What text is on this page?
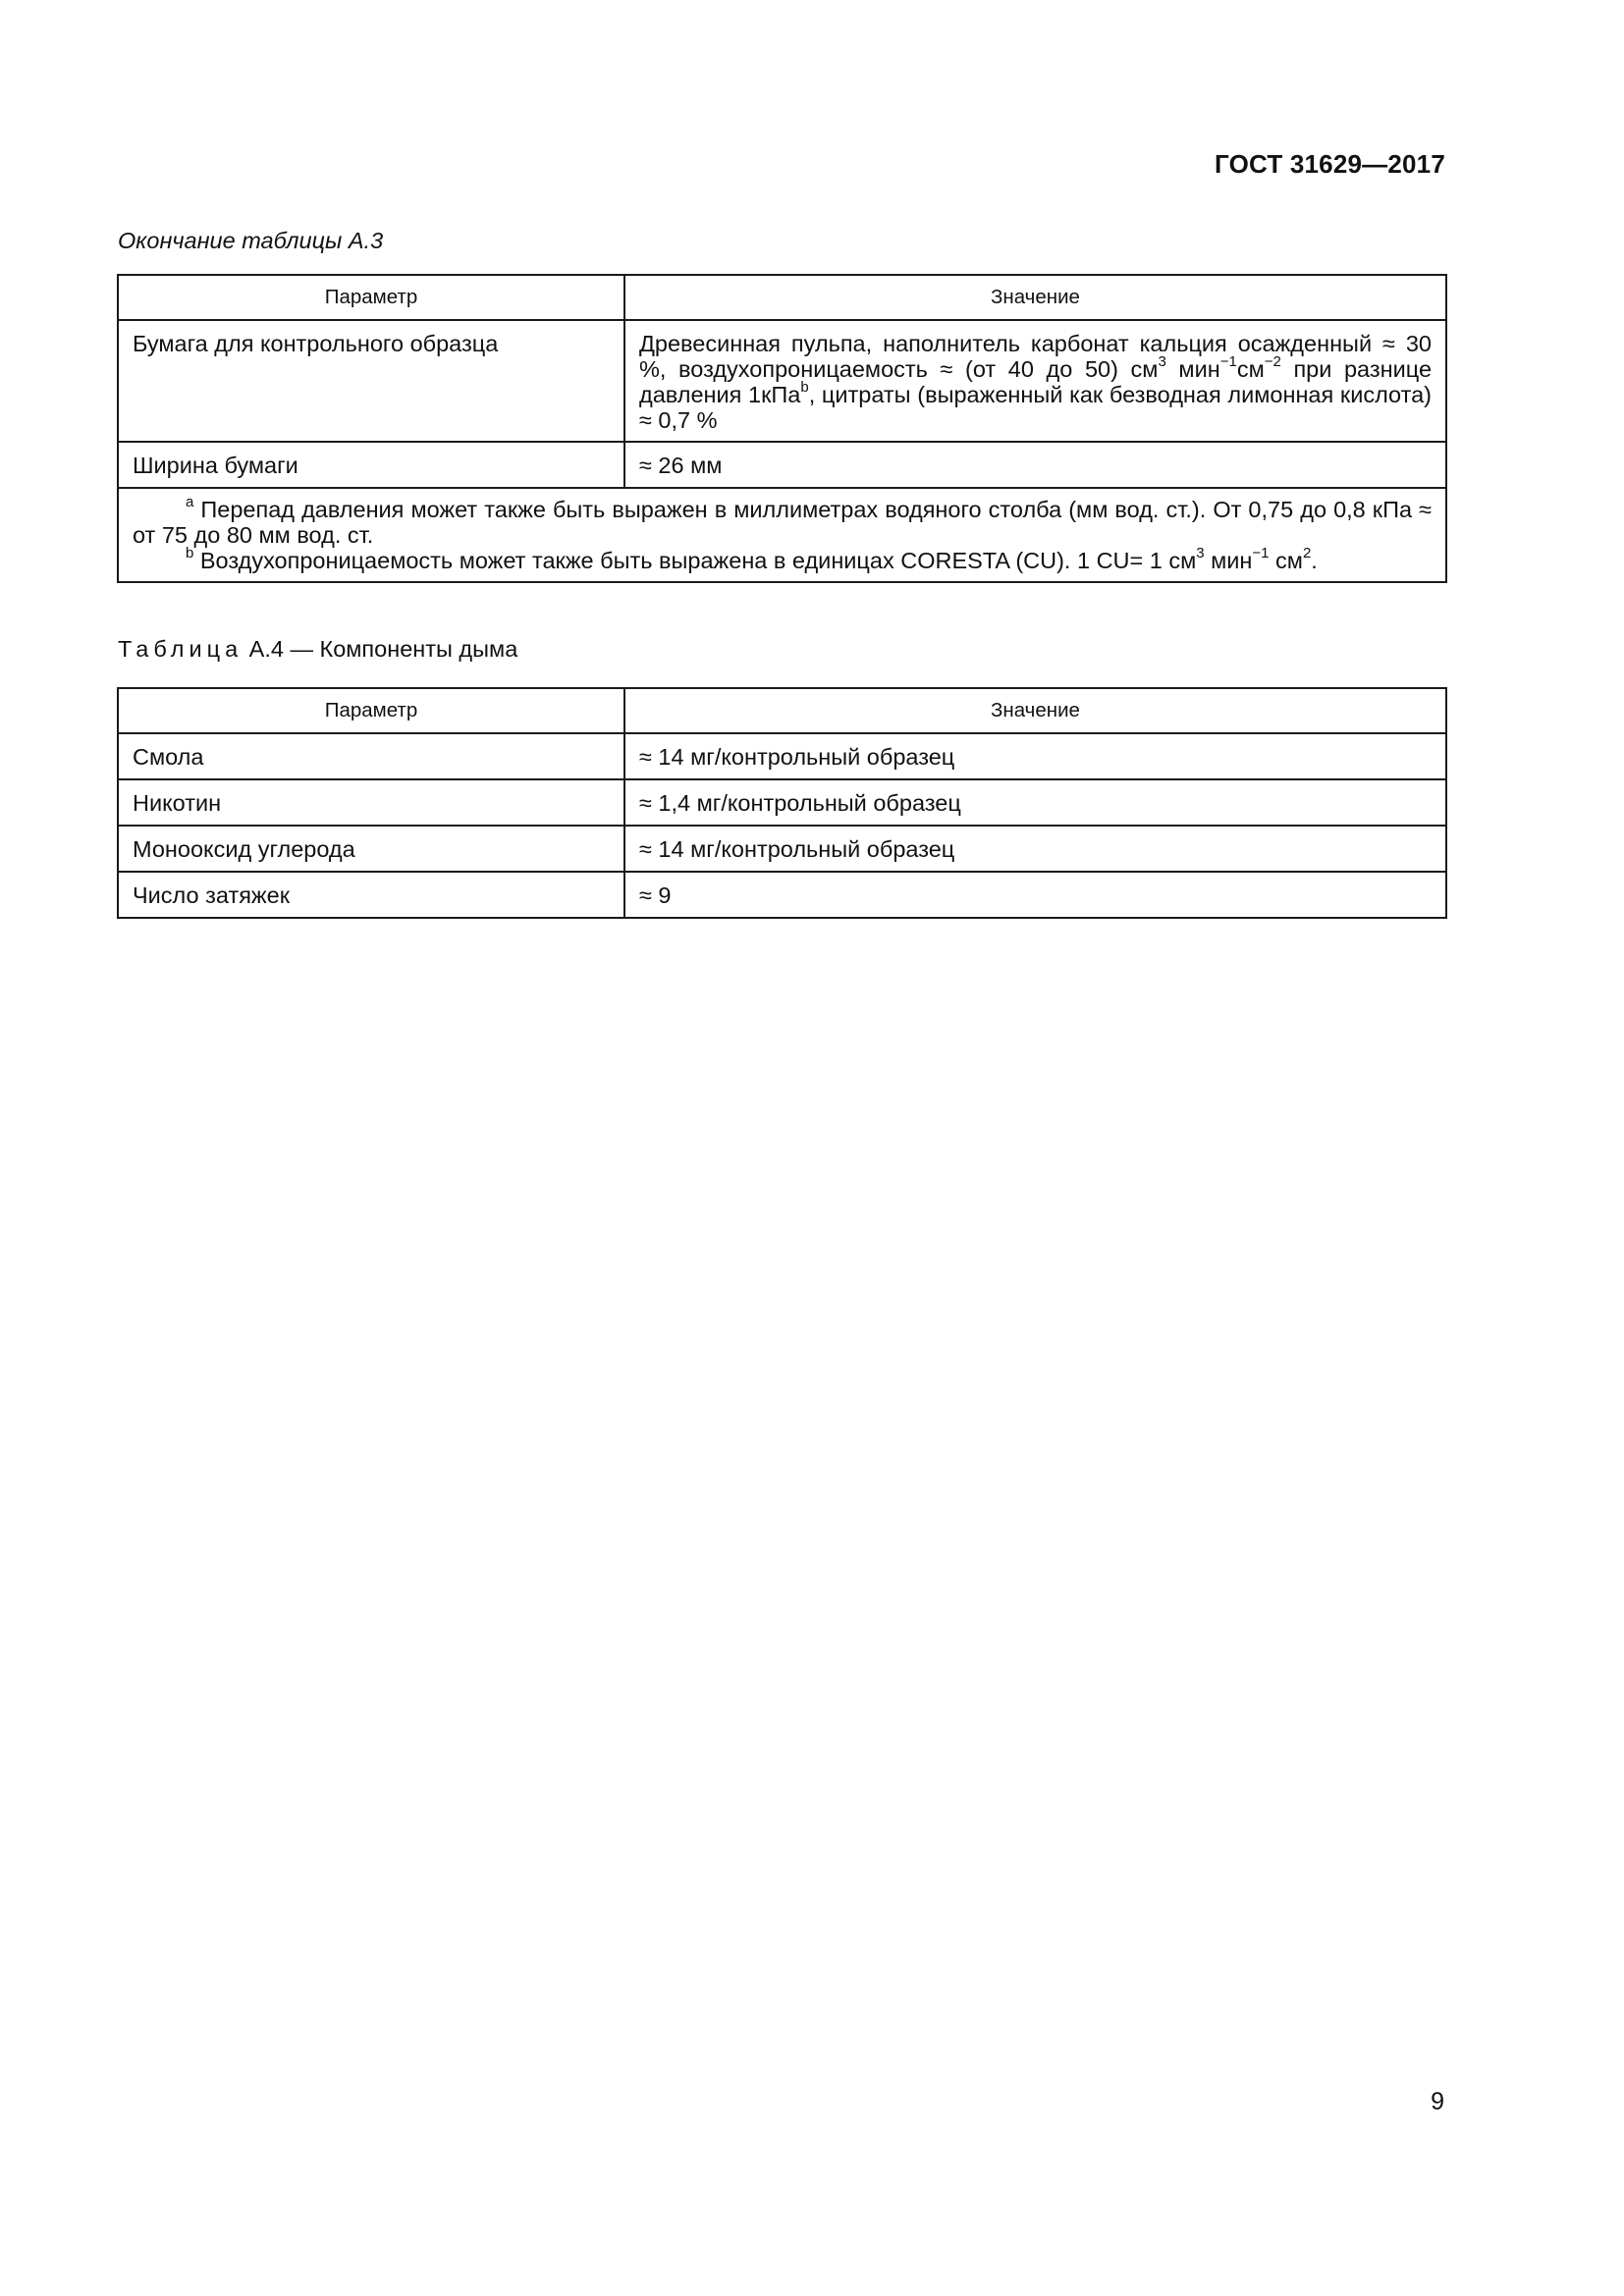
ГОСТ 31629—2017
Окончание таблицы А.3
Параметр	Значение
Бумага для контрольного образца	Древесинная пульпа, наполнитель карбонат кальция осажденный ≈ 30 %, воздухопроницаемость ≈ (от 40 до 50) $см^3$ $мин^{-1}см^{-2}$ при разнице давления 1кПа$^b$, цитраты (выраженный как безводная лимонная кислота) ≈ 0,7 %
Ширина бумаги	≈ 26 мм

$^a$ Перепад давления может также быть выражен в миллиметрах водяного столба (мм вод. ст.). От 0,75 до 0,8 кПа ≈ от 75 до 80 мм вод. ст.
$^b$ Воздухопроницаемость может также быть выражена в единицах CORESTA (CU). 1 CU= 1 $см^3$ мин$^{-1}$ $см^2$.	
Таблица А.4 — Компоненты дыма
Параметр	Значение
Смола	≈ 14 мг/контрольный образец
Никотин	≈ 1,4 мг/контрольный образец
Монооксид углерода	≈ 14 мг/контрольный образец
Число затяжек	≈ 9
9
